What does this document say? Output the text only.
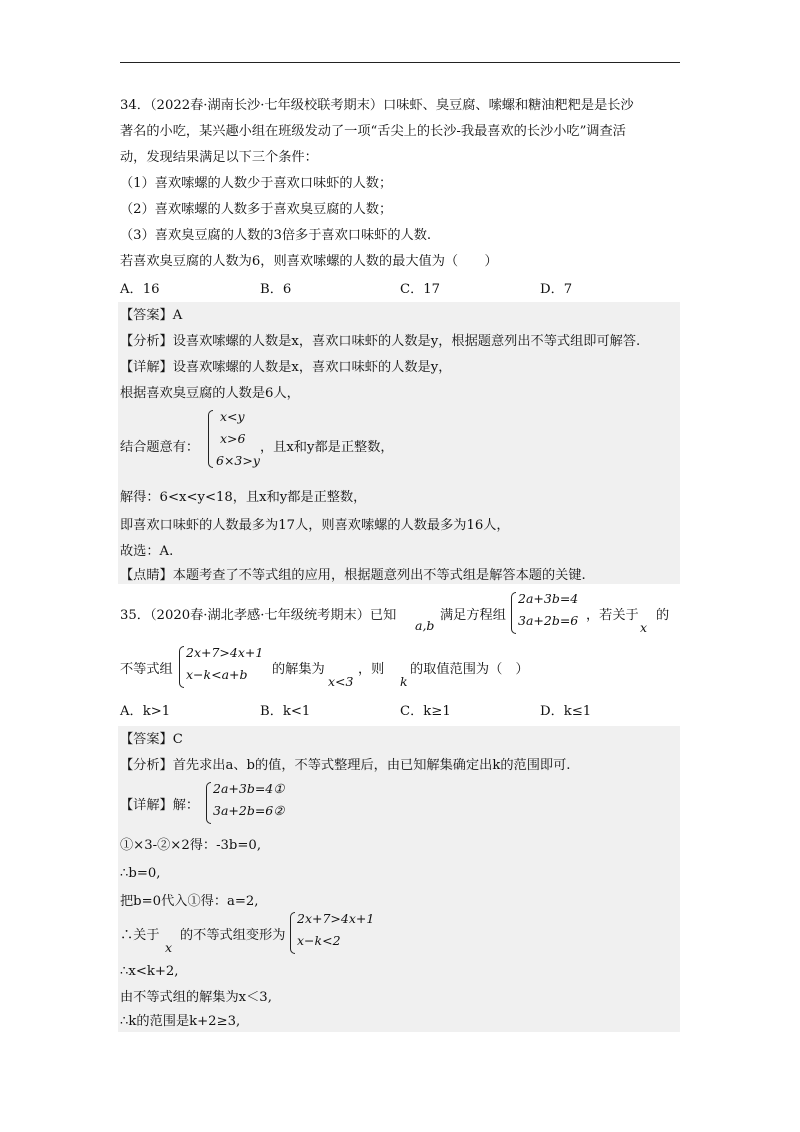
34．（2022春·湖南长沙·七年级校联考期末）口味虾、臭豆腐、嗦螺和糖油粑粑是是长沙
著名的小吃，某兴趣小组在班级发动了一项“舌尖上的长沙-我最喜欢的长沙小吃”调查活
动，发现结果满足以下三个条件：
（1）喜欢嗦螺的人数少于喜欢口味虾的人数；
（2）喜欢嗦螺的人数多于喜欢臭豆腐的人数；
（3）喜欢臭豆腐的人数的3倍多于喜欢口味虾的人数.
若喜欢臭豆腐的人数为6，则喜欢嗦螺的人数的最大值为（　　）
A．16	B．6	C．17	D．7
【答案】A
【分析】设喜欢嗦螺的人数是x，喜欢口味虾的人数是y，根据题意列出不等式组即可解答.
【详解】设喜欢嗦螺的人数是x，喜欢口味虾的人数是y，
根据喜欢臭豆腐的人数是6人，
结合题意有：
x<y
x>6
6×3>y
，且x和y都是正整数，
解得：6<x<y<18，且x和y都是正整数，
即喜欢口味虾的人数最多为17人，则喜欢嗦螺的人数最多为16人，
故选：A.
【点睛】本题考查了不等式组的应用，根据题意列出不等式组是解答本题的关键.
35．（2020春·湖北孝感·七年级统考期末）已知
a,b
满足方程组
2a+3b=4
3a+2b=6 ，若关于
x
的
不等式组
2x+7>4x+1
x−k<a+b 的解集为
x<3
，则
k
的取值范围为（　）
A．k>1	B．k<1	C．k≥1	D．k≤1
【答案】C
【分析】首先求出a、b的值，不等式整理后，由已知解集确定出k的范围即可.
【详解】解：
2a+3b=4①
3a+2b=6②
①×3-②×2得：-3b=0,
∴b=0,
把b=0代入①得：a=2,
∴关于
x
的不等式组变形为
2x+7>4x+1
x−k<2
∴x<k+2,
由不等式组的解集为x＜3,
∴k的范围是k+2≥3,
